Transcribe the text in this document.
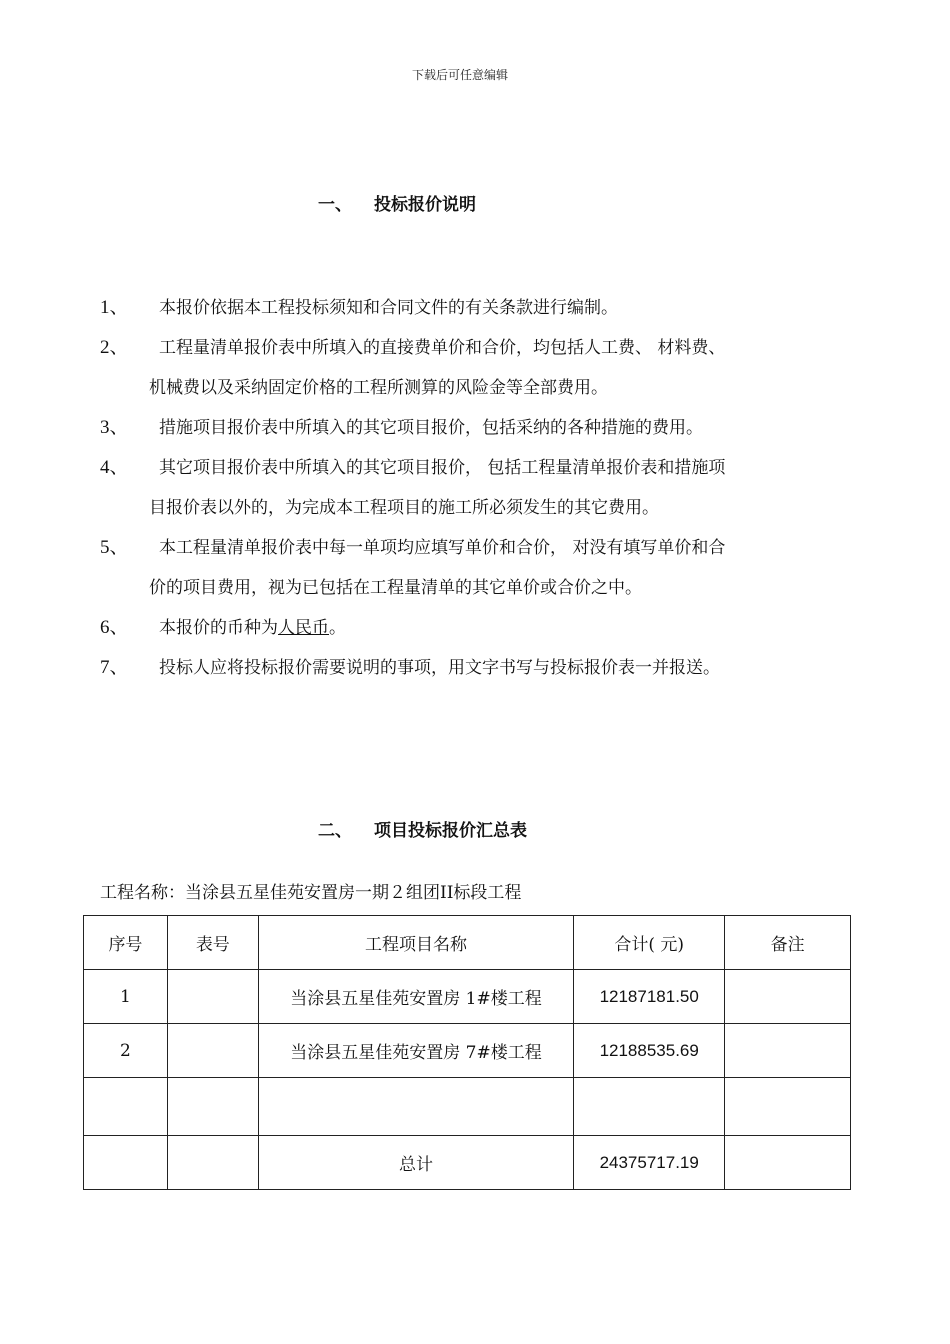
下载后可任意编辑
一、 投标报价说明
1、	本报价依据本工程投标须知和合同文件的有关条款进行编制。
2、	工程量清单报价表中所填入的直接费单价和合价，均包括人工费、 材料费、
机械费以及采纳固定价格的工程所测算的风险金等全部费用。
3、	措施项目报价表中所填入的其它项目报价，包括采纳的各种措施的费用。
4、	其它项目报价表中所填入的其它项目报价， 包括工程量清单报价表和措施项
目报价表以外的，为完成本工程项目的施工所必须发生的其它费用。
5、	本工程量清单报价表中每一单项均应填写单价和合价， 对没有填写单价和合
价的项目费用，视为已包括在工程量清单的其它单价或合价之中。
6、	本报价的币种为人民币。
7、	投标人应将投标报价需要说明的事项，用文字书写与投标报价表一并报送。
二、 项目投标报价汇总表
工程名称：当涂县五星佳苑安置房一期２组团II标段工程
序号	表号	工程项目名称	合计( 元)	备注
1		当涂县五星佳苑安置房 1#楼工程	12187181.50	
2		当涂县五星佳苑安置房 7#楼工程	12188535.69	

		总计	24375717.19	
